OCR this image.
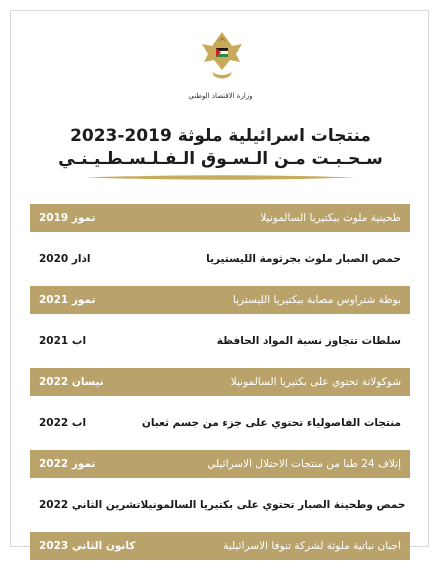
وزارة الاقتصاد الوطني
منتجات اسرائيلية ملوثة 2019-2023
سـحـبـت مـن الـسـوق الـفـلـسـطـيـنـي
تموز 2019	طحينية ملوث ببكتيريا السالمونيلا
اذار 2020	حمص الصبار ملوث بجرثومة الليستيريا
تموز 2021	بوظة شتراوس مصابة ببكتيريا الليستريا
اب 2021	سلطات تتجاوز نسبة المواد الحافظة
نيسان 2022	شوكولاتة تحتوي على بكتيريا السالمونيلا
اب 2022	منتجات الفاصولياء تحتوي على جزء من جسم ثعبان
تموز 2022	إتلاف 24 طنا من منتجات الاحتلال الاسرائيلي
تشرين الثاني 2022 حمص وطحينة الصبار تحتوي على بكتيريا السالمونيلا
كانون الثاني 2023	اجبان نباتية ملوثة لشركة تنوفا الاسرائيلية
